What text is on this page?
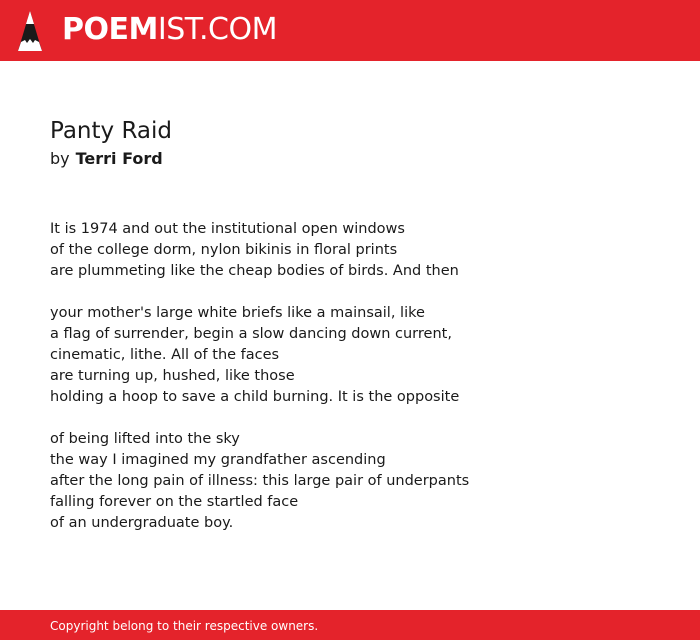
POEMIST.COM
Panty Raid
by Terri Ford
It is 1974 and out the institutional open windows
of the college dorm, nylon bikinis in floral prints
are plummeting like the cheap bodies of birds. And then
your mother's large white briefs like a mainsail, like
a flag of surrender, begin a slow dancing down current,
cinematic, lithe. All of the faces
are turning up, hushed, like those
holding a hoop to save a child burning. It is the opposite
of being lifted into the sky
the way I imagined my grandfather ascending
after the long pain of illness: this large pair of underpants
falling forever on the startled face
of an undergraduate boy.
Copyright belong to their respective owners.
